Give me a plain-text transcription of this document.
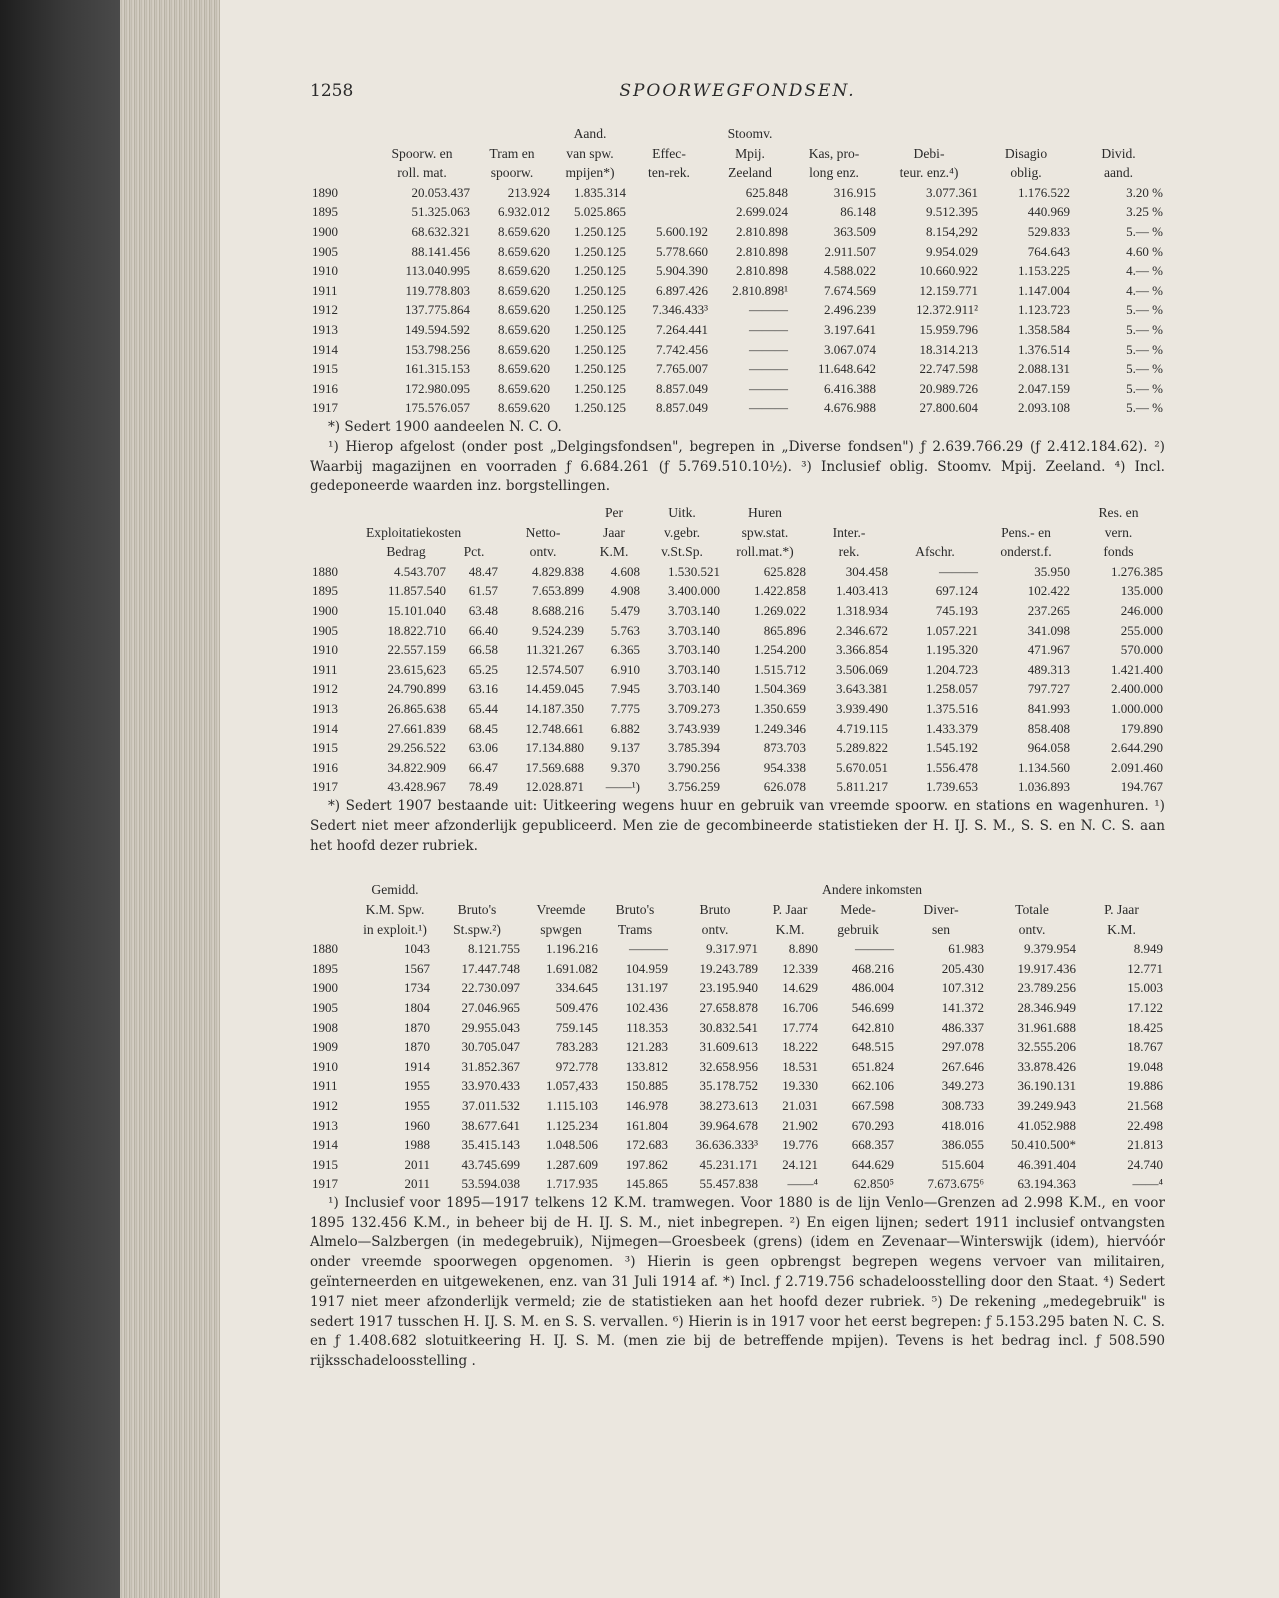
1258	SPOORWEGFONDSEN.
			Aand.		Stoomv.				
	Spoorw. en	Tram en	van spw.	Effec-	Mpij.	Kas, pro-	Debi-	Disagio	Divid.
	roll. mat.	spoorw.	mpijen*)	ten-rek.	Zeeland	long enz.	teur. enz.⁴)	oblig.	aand.
1890	20.053.437	213.924	1.835.314		625.848	316.915	3.077.361	1.176.522	3.20 %
1895	51.325.063	6.932.012	5.025.865		2.699.024	86.148	9.512.395	440.969	3.25 %
1900	68.632.321	8.659.620	1.250.125	5.600.192	2.810.898	363.509	8.154,292	529.833	5.— %
1905	88.141.456	8.659.620	1.250.125	5.778.660	2.810.898	2.911.507	9.954.029	764.643	4.60 %
1910	113.040.995	8.659.620	1.250.125	5.904.390	2.810.898	4.588.022	10.660.922	1.153.225	4.— %
1911	119.778.803	8.659.620	1.250.125	6.897.426	2.810.898¹	7.674.569	12.159.771	1.147.004	4.— %
1912	137.775.864	8.659.620	1.250.125	7.346.433³	———	2.496.239	12.372.911²	1.123.723	5.— %
1913	149.594.592	8.659.620	1.250.125	7.264.441	———	3.197.641	15.959.796	1.358.584	5.— %
1914	153.798.256	8.659.620	1.250.125	7.742.456	———	3.067.074	18.314.213	1.376.514	5.— %
1915	161.315.153	8.659.620	1.250.125	7.765.007	———	11.648.642	22.747.598	2.088.131	5.— %
1916	172.980.095	8.659.620	1.250.125	8.857.049	———	6.416.388	20.989.726	2.047.159	5.— %
1917	175.576.057	8.659.620	1.250.125	8.857.049	———	4.676.988	27.800.604	2.093.108	5.— %

*) Sedert 1900 aandeelen N. C. O.

¹) Hierop afgelost (onder post „Delgingsfondsen", begrepen in „Diverse fondsen") ƒ 2.639.766.29 (ƒ 2.412.184.62). ²) Waarbij magazijnen en voorraden ƒ 6.684.261 (ƒ 5.769.510.10½). ³) Inclusief oblig. Stoomv. Mpij. Zeeland. ⁴) Incl. gedeponeerde waarden inz. borgstellingen.

				Per	Uitk.	Huren				Res. en
	Exploitatiekosten		Netto-	Jaar	v.gebr.	spw.stat.	Inter.-		Pens.- en	vern.
	Bedrag	Pct.	ontv.	K.M.	v.St.Sp.	roll.mat.*)	rek.	Afschr.	onderst.f.	fonds
1880	4.543.707	48.47	4.829.838	4.608	1.530.521	625.828	304.458	———	35.950	1.276.385
1895	11.857.540	61.57	7.653.899	4.908	3.400.000	1.422.858	1.403.413	697.124	102.422	135.000
1900	15.101.040	63.48	8.688.216	5.479	3.703.140	1.269.022	1.318.934	745.193	237.265	246.000
1905	18.822.710	66.40	9.524.239	5.763	3.703.140	865.896	2.346.672	1.057.221	341.098	255.000
1910	22.557.159	66.58	11.321.267	6.365	3.703.140	1.254.200	3.366.854	1.195.320	471.967	570.000
1911	23.615,623	65.25	12.574.507	6.910	3.703.140	1.515.712	3.506.069	1.204.723	489.313	1.421.400
1912	24.790.899	63.16	14.459.045	7.945	3.703.140	1.504.369	3.643.381	1.258.057	797.727	2.400.000
1913	26.865.638	65.44	14.187.350	7.775	3.709.273	1.350.659	3.939.490	1.375.516	841.993	1.000.000
1914	27.661.839	68.45	12.748.661	6.882	3.743.939	1.249.346	4.719.115	1.433.379	858.408	179.890
1915	29.256.522	63.06	17.134.880	9.137	3.785.394	873.703	5.289.822	1.545.192	964.058	2.644.290
1916	34.822.909	66.47	17.569.688	9.370	3.790.256	954.338	5.670.051	1.556.478	1.134.560	2.091.460
1917	43.428.967	78.49	12.028.871	——¹)	3.756.259	626.078	5.811.217	1.739.653	1.036.893	194.767

*) Sedert 1907 bestaande uit: Uitkeering wegens huur en gebruik van vreemde spoorw. en stations en wagenhuren. ¹) Sedert niet meer afzonderlijk gepubliceerd. Men zie de gecombineerde statistieken der H. IJ. S. M., S. S. en N. C. S. aan het hoofd dezer rubriek.

	Gemidd.						Andere inkomsten			
	K.M. Spw.	Bruto's	Vreemde	Bruto's	Bruto	P. Jaar	Mede-	Diver-	Totale	P. Jaar
	in exploit.¹)	St.spw.²)	spwgen	Trams	ontv.	K.M.	gebruik	sen	ontv.	K.M.
1880	1043	8.121.755	1.196.216	———	9.317.971	8.890	———	61.983	9.379.954	8.949
1895	1567	17.447.748	1.691.082	104.959	19.243.789	12.339	468.216	205.430	19.917.436	12.771
1900	1734	22.730.097	334.645	131.197	23.195.940	14.629	486.004	107.312	23.789.256	15.003
1905	1804	27.046.965	509.476	102.436	27.658.878	16.706	546.699	141.372	28.346.949	17.122
1908	1870	29.955.043	759.145	118.353	30.832.541	17.774	642.810	486.337	31.961.688	18.425
1909	1870	30.705.047	783.283	121.283	31.609.613	18.222	648.515	297.078	32.555.206	18.767
1910	1914	31.852.367	972.778	133.812	32.658.956	18.531	651.824	267.646	33.878.426	19.048
1911	1955	33.970.433	1.057,433	150.885	35.178.752	19.330	662.106	349.273	36.190.131	19.886
1912	1955	37.011.532	1.115.103	146.978	38.273.613	21.031	667.598	308.733	39.249.943	21.568
1913	1960	38.677.641	1.125.234	161.804	39.964.678	21.902	670.293	418.016	41.052.988	22.498
1914	1988	35.415.143	1.048.506	172.683	36.636.333³	19.776	668.357	386.055	50.410.500*	21.813
1915	2011	43.745.699	1.287.609	197.862	45.231.171	24.121	644.629	515.604	46.391.404	24.740
1917	2011	53.594.038	1.717.935	145.865	55.457.838	——⁴	62.850⁵	7.673.675⁶	63.194.363	——⁴

¹) Inclusief voor 1895—1917 telkens 12 K.M. tramwegen. Voor 1880 is de lijn Venlo—Grenzen ad 2.998 K.M., en voor 1895 132.456 K.M., in beheer bij de H. IJ. S. M., niet inbegrepen. ²) En eigen lijnen; sedert 1911 inclusief ontvangsten Almelo—Salzbergen (in medegebruik), Nijmegen—Groesbeek (grens) (idem en Zevenaar—Winterswijk (idem), hiervóór onder vreemde spoorwegen opgenomen. ³) Hierin is geen opbrengst begrepen wegens vervoer van militairen, geïnterneerden en uitgewekenen, enz. van 31 Juli 1914 af. *) Incl. ƒ 2.719.756 schadeloosstelling door den Staat. ⁴) Sedert 1917 niet meer afzonderlijk vermeld; zie de statistieken aan het hoofd dezer rubriek. ⁵) De rekening „medegebruik" is sedert 1917 tusschen H. IJ. S. M. en S. S. vervallen. ⁶) Hierin is in 1917 voor het eerst begrepen: ƒ 5.153.295 baten N. C. S. en ƒ 1.408.682 slotuitkeering H. IJ. S. M. (men zie bij de betreffende mpijen). Tevens is het bedrag incl. ƒ 508.590 rijksschadeloosstelling .
